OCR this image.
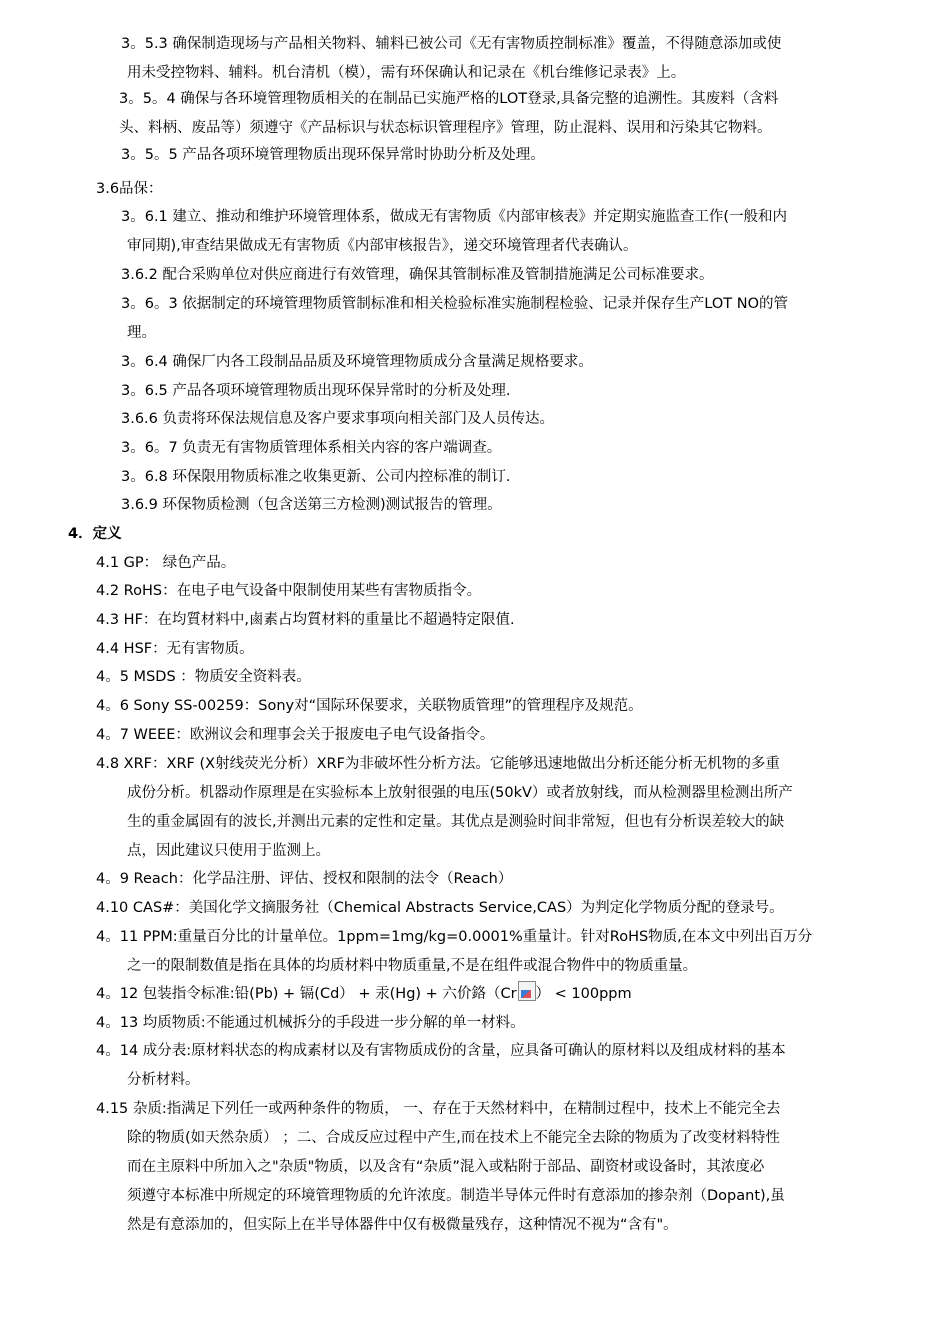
3。5.3 确保制造现场与产品相关物料、辅料已被公司《无有害物质控制标准》覆盖，不得随意添加或使
用未受控物料、辅料。机台清机（模），需有环保确认和记录在《机台维修记录表》上。
3。5。4 确保与各环境管理物质相关的在制品已实施严格的LOT登录,具备完整的追溯性。其废料（含料
头、料柄、废品等）须遵守《产品标识与状态标识管理程序》管理，防止混料、误用和污染其它物料。
3。5。5 产品各项环境管理物质出现环保异常时协助分析及处理。
3.6品保：
3。6.1 建立、推动和维护环境管理体系，做成无有害物质《内部审核表》并定期实施监查工作(一般和内
审同期),审查结果做成无有害物质《内部审核报告》，递交环境管理者代表确认。
3.6.2 配合采购单位对供应商进行有效管理，确保其管制标准及管制措施满足公司标准要求。
3。6。3 依据制定的环境管理物质管制标准和相关检验标准实施制程检验、记录并保存生产LOT NO的管
理。
3。6.4 确保厂内各工段制品品质及环境管理物质成分含量满足规格要求。
3。6.5 产品各项环境管理物质出现环保异常时的分析及处理.
3.6.6 负责将环保法规信息及客户要求事项向相关部门及人员传达。
3。6。7 负责无有害物质管理体系相关内容的客户端调查。
3。6.8 环保限用物质标准之收集更新、公司内控标准的制订.
3.6.9 环保物质检测（包含送第三方检测)测试报告的管理。
4．定义
4.1 GP： 绿色产品。
4.2 RoHS：在电子电气设备中限制使用某些有害物质指令。
4.3 HF：在均質材料中,鹵素占均質材料的重量比不超過特定限值.
4.4 HSF：无有害物质。
4。5 MSDS ：物质安全资料表。
4。6 Sony SS-00259：Sony对“国际环保要求，关联物质管理”的管理程序及规范。
4。7 WEEE：欧洲议会和理事会关于报废电子电气设备指令。
4.8 XRF：XRF (X射线荧光分析）XRF为非破坏性分析方法。它能够迅速地做出分析还能分析无机物的多重
成份分析。机器动作原理是在实验标本上放射很强的电压(50kV）或者放射线，而从检测器里检测出所产
生的重金属固有的波长,并测出元素的定性和定量。其优点是测验时间非常短，但也有分析误差较大的缺
点，因此建议只使用于监测上。
4。9 Reach：化学品注册、评估、授权和限制的法令（Reach）
4.10 CAS#：美国化学文摘服务社（Chemical Abstracts Service,CAS）为判定化学物质分配的登录号。
4。11 PPM:重量百分比的计量单位。1ppm=1mg/kg=0.0001%重量计。针对RoHS物质,在本文中列出百万分
之一的限制数值是指在具体的均质材料中物质重量,不是在组件或混合物件中的物质重量。
4。12 包装指令标准:铅(Pb) + 镉(Cd） + 汞(Hg) + 六价鉻（Cr ） < 100ppm
4。13 均质物质:不能通过机械拆分的手段进一步分解的单一材料。
4。14 成分表:原材料状态的构成素材以及有害物质成份的含量，应具备可确认的原材料以及组成材料的基本
分析材料。
4.15 杂质:指满足下列任一或两种条件的物质， 一、存在于天然材料中，在精制过程中，技术上不能完全去
除的物质(如天然杂质） ；二、合成反应过程中产生,而在技术上不能完全去除的物质为了改变材料特性
而在主原料中所加入之"杂质"物质，以及含有“杂质”混入或粘附于部品、副资材或设备时，其浓度必
须遵守本标准中所规定的环境管理物质的允许浓度。制造半导体元件时有意添加的掺杂剂（Dopant),虽
然是有意添加的，但实际上在半导体器件中仅有极微量残存，这种情况不视为“含有"。
